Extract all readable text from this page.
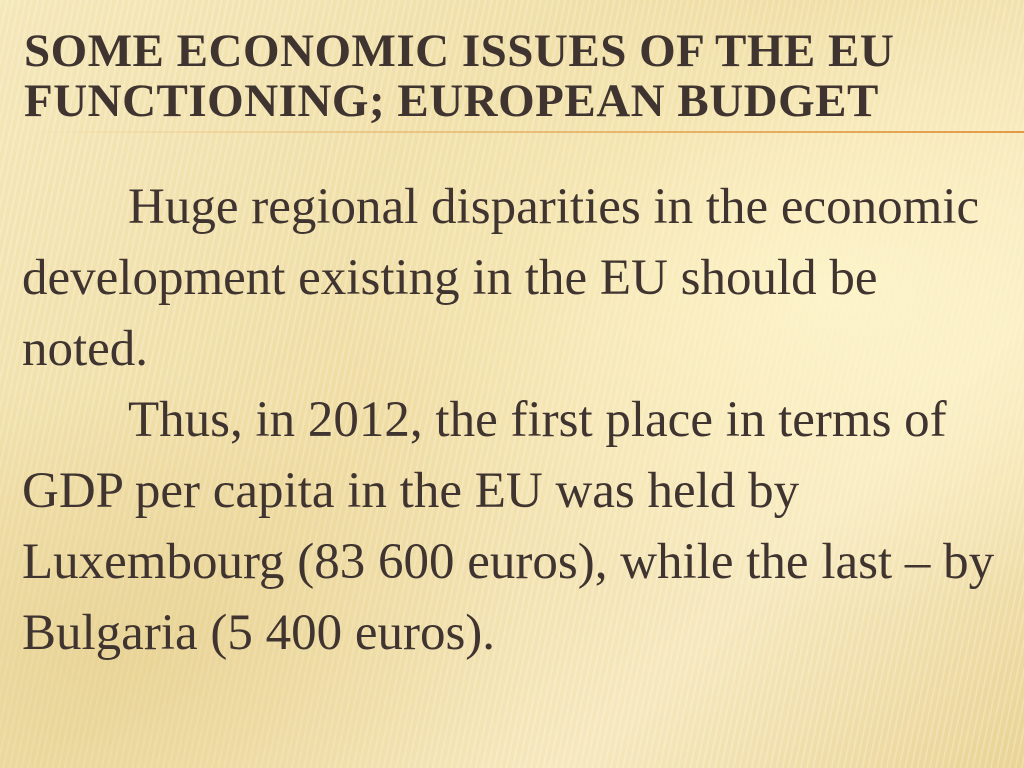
SOME ECONOMIC ISSUES OF THE EU
FUNCTIONING; EUROPEAN BUDGET

Huge regional disparities in the economic development existing in the EU should be noted.

Thus, in 2012, the first place in terms of GDP per capita in the EU was held by Luxembourg (83 600 euros), while the last – by Bulgaria (5 400 euros).
